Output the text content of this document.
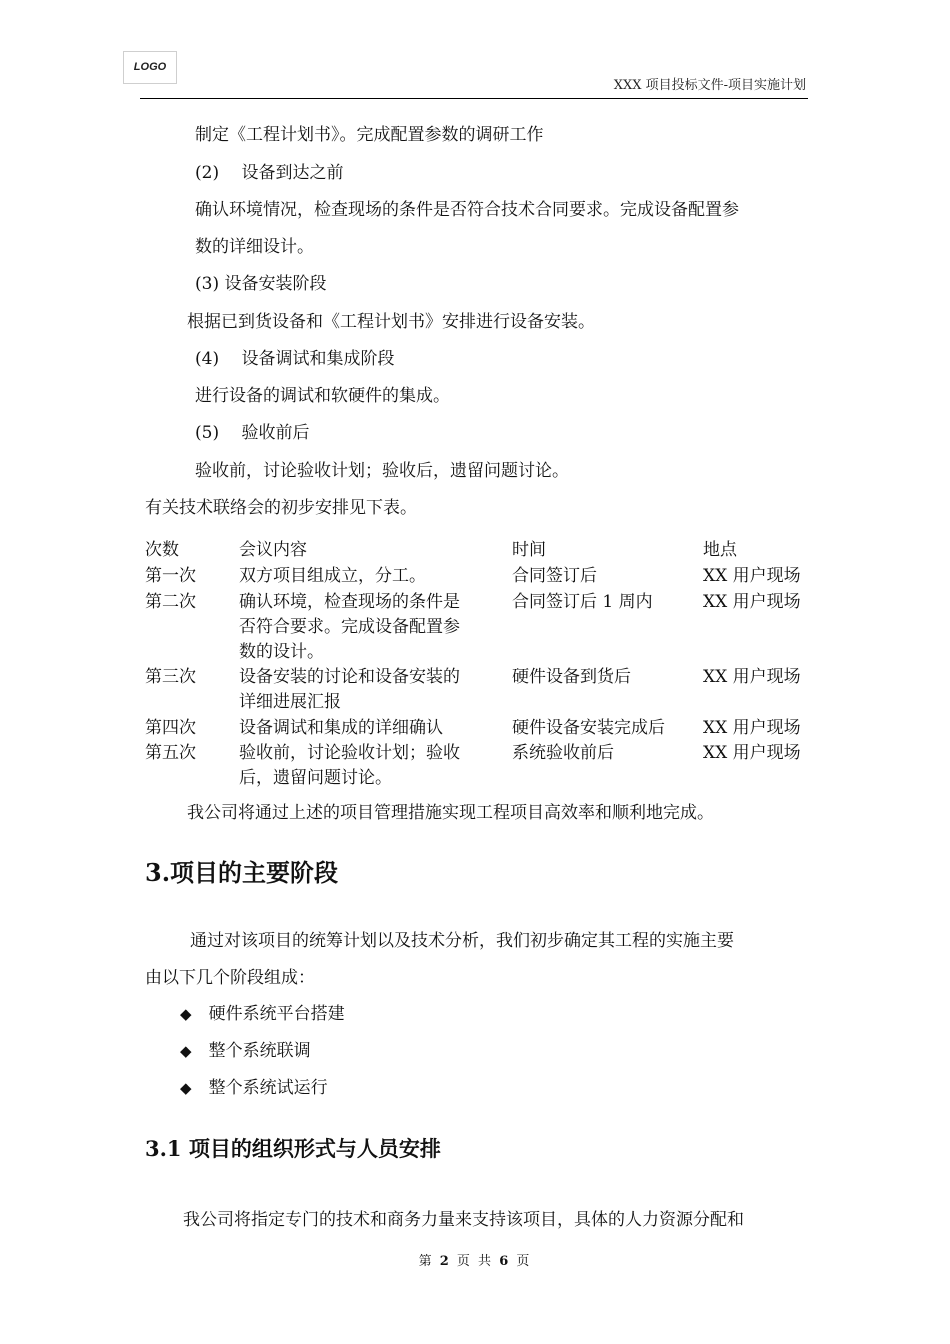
LOGO
XXX 项目投标文件-项目实施计划
制定《工程计划书》。完成配置参数的调研工作
(2)　 设备到达之前
确认环境情况，检查现场的条件是否符合技术合同要求。完成设备配置参
数的详细设计。
(3) 设备安装阶段
根据已到货设备和《工程计划书》安排进行设备安装。
(4)　 设备调试和集成阶段
进行设备的调试和软硬件的集成。
(5)　 验收前后
验收前，讨论验收计划；验收后，遗留问题讨论。
有关技术联络会的初步安排见下表。
次数	会议内容	时间	地点
第一次	双方项目组成立，分工。	合同签订后	XX 用户现场
第二次	确认环境，检查现场的条件是
否符合要求。完成设备配置参
数的设计。
合同签订后 1 周内	XX 用户现场
第三次	设备安装的讨论和设备安装的
详细进展汇报
硬件设备到货后	XX 用户现场
第四次	设备调试和集成的详细确认	硬件设备安装完成后 XX 用户现场
第五次	验收前，讨论验收计划；验收
后，遗留问题讨论。
系统验收前后	XX 用户现场
我公司将通过上述的项目管理措施实现工程项目高效率和顺利地完成。
3.项目的主要阶段
通过对该项目的统筹计划以及技术分析，我们初步确定其工程的实施主要
由以下几个阶段组成：
◆ 硬件系统平台搭建
◆ 整个系统联调
◆ 整个系统试运行
3.1 项目的组织形式与人员安排
我公司将指定专门的技术和商务力量来支持该项目，具体的人力资源分配和
第 2 页 共 6 页
